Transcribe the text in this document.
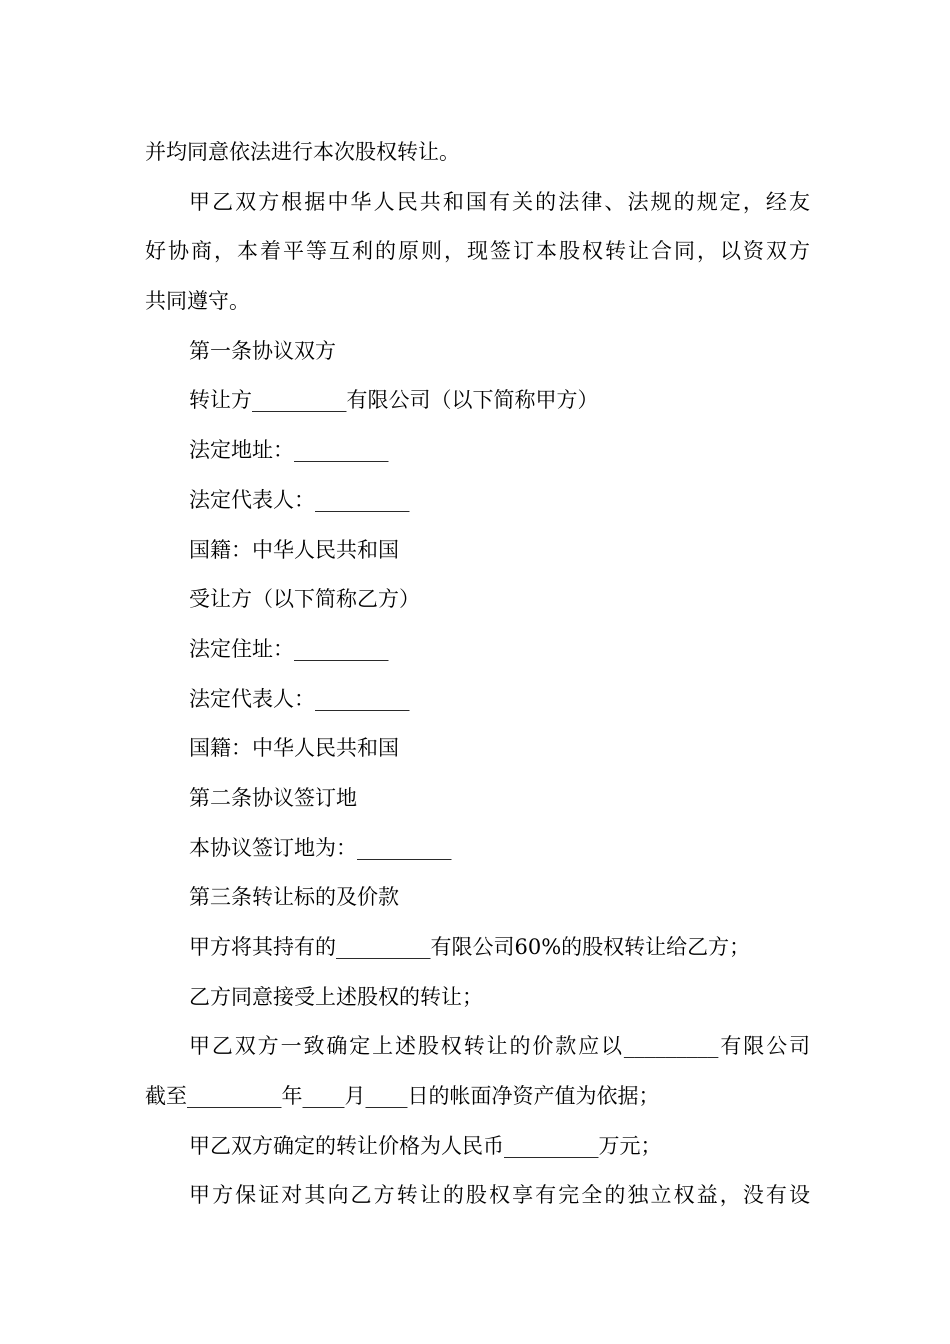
并均同意依法进行本次股权转让。
甲乙双方根据中华人民共和国有关的法律、法规的规定，经友
好协商，本着平等互利的原则，现签订本股权转让合同，以资双方
共同遵守。
第一条协议双方
转让方_________有限公司（以下简称甲方）
法定地址：_________
法定代表人：_________
国籍：中华人民共和国
受让方（以下简称乙方）
法定住址：_________
法定代表人：_________
国籍：中华人民共和国
第二条协议签订地
本协议签订地为：_________
第三条转让标的及价款
甲方将其持有的_________有限公司60%的股权转让给乙方；
乙方同意接受上述股权的转让；
甲乙双方一致确定上述股权转让的价款应以_________有限公司
截至_________年____月____日的帐面净资产值为依据；
甲乙双方确定的转让价格为人民币_________万元；
甲方保证对其向乙方转让的股权享有完全的独立权益，没有设
